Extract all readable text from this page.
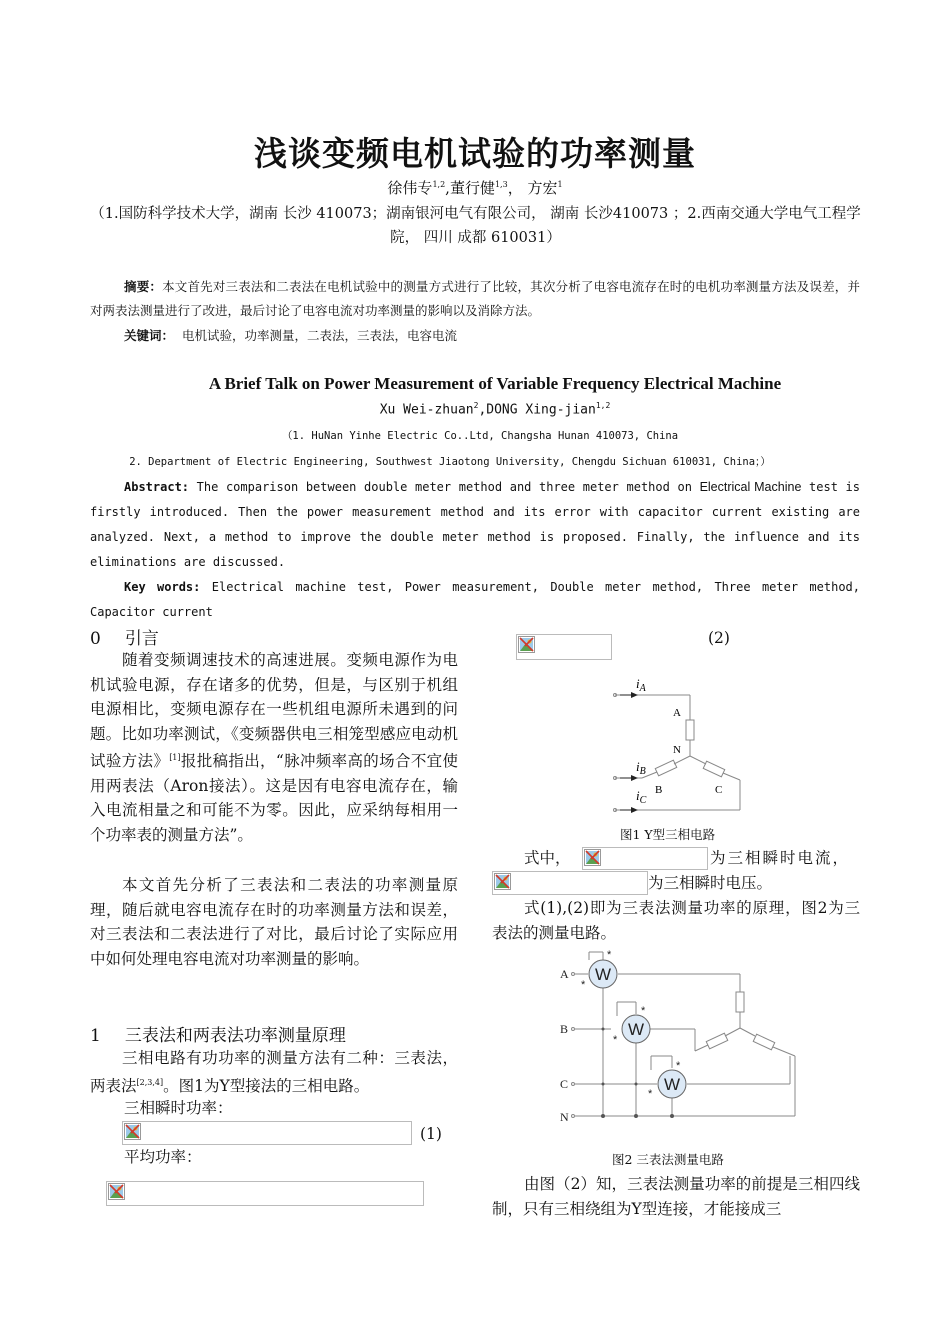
浅谈变频电机试验的功率测量
徐伟专$^{1,2}$,董行健$^{1,3}$， 方宏$^1$
（1.国防科学技术大学，湖南 长沙 410073；湖南银河电气有限公司， 湖南 长沙410073 ；2.西南交通大学电气工程学院， 四川 成都 610031）
摘要：本文首先对三表法和二表法在电机试验中的测量方式进行了比较，其次分析了电容电流存在时的电机功率测量方法及误差，并对两表法测量进行了改进，最后讨论了电容电流对功率测量的影响以及消除方法。
关键词： 电机试验，功率测量，二表法，三表法，电容电流
A Brief Talk on Power Measurement of Variable Frequency Electrical Machine
Xu Wei-zhuan$^2$,DONG Xing-jian$^{1,2}$
（1. HuNan Yinhe Electric Co..Ltd, Changsha Hunan 410073, China
2. Department of Electric Engineering, Southwest Jiaotong University, Chengdu Sichuan 610031, China；）
Abstract: The comparison between double meter method and three meter method on Electrical Machine test is firstly introduced. Then the power measurement method and its error with capacitor current existing are analyzed. Next, a method to improve the double meter method is proposed. Finally, the influence and its eliminations are discussed.
Key words: Electrical machine test, Power measurement, Double meter method, Three meter method, Capacitor current
0 引言
随着变频调速技术的高速进展。变频电源作为电机试验电源，存在诸多的优势，但是，与区别于机组电源相比，变频电源存在一些机组电源所未遇到的问题。比如功率测试，《变频器供电三相笼型感应电动机试验方法》[1]报批稿指出，“脉冲频率高的场合不宜使用两表法（Aron接法）。这是因有电容电流存在，输入电流相量之和可能不为零。因此，应采纳每相用一个功率表的测量方法”。
本文首先分析了三表法和二表法的功率测量原理，随后就电容电流存在时的功率测量方法和误差，对三表法和二表法进行了对比，最后讨论了实际应用中如何处理电容电流对功率测量的影响。
1 三表法和两表法功率测量原理
三相电路有功功率的测量方法有二种：三表法，两表法[2,3,4]。图1为Y型接法的三相电路。
三相瞬时功率：
(1)
平均功率：
(2)
$i_A$
$i_B$
$i_C$
A
N
B	C
图1 Y型三相电路
式中，	为三相瞬时电流，
为三相瞬时电压。
式(1),(2)即为三表法测量功率的原理，图2为三表法的测量电路。
W
W
W
*
*
*
*
*
*
A
B
C
N
图2 三表法测量电路
由图（2）知，三表法测量功率的前提是三相四线制，只有三相绕组为Y型连接，才能接成三
